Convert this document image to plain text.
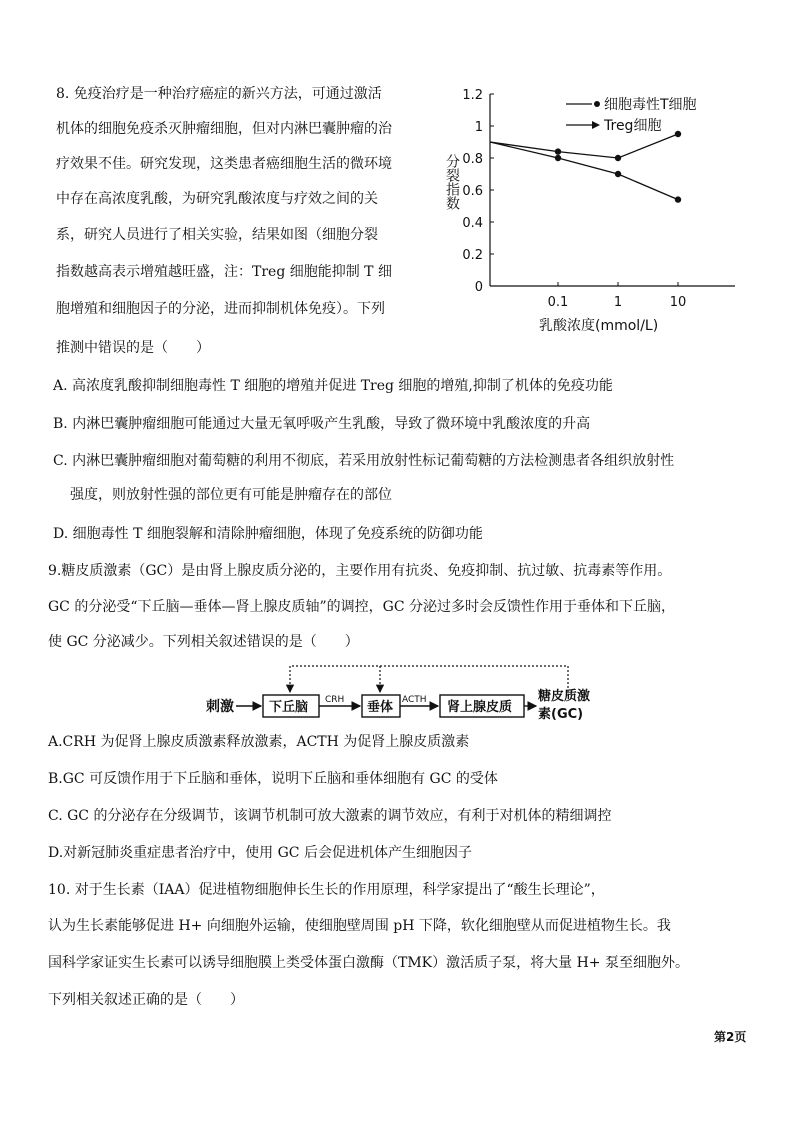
8. 免疫治疗是一种治疗癌症的新兴方法，可通过激活
机体的细胞免疫杀灭肿瘤细胞，但对内淋巴囊肿瘤的治
疗效果不佳。研究发现，这类患者癌细胞生活的微环境
中存在高浓度乳酸，为研究乳酸浓度与疗效之间的关
系，研究人员进行了相关实验，结果如图（细胞分裂
指数越高表示增殖越旺盛，注：Treg 细胞能抑制 T 细
胞增殖和细胞因子的分泌，进而抑制机体免疫）。下列
推测中错误的是（　　）
0
0.2
0.4
0.6
0.8
1
1.2
0.1	1	10
分裂指数
乳酸浓度(mmol/L)
细胞毒性T细胞
Treg细胞
A. 高浓度乳酸抑制细胞毒性 T 细胞的增殖并促进 Treg 细胞的增殖,抑制了机体的免疫功能
B. 内淋巴囊肿瘤细胞可能通过大量无氧呼吸产生乳酸，导致了微环境中乳酸浓度的升高
C. 内淋巴囊肿瘤细胞对葡萄糖的利用不彻底，若采用放射性标记葡萄糖的方法检测患者各组织放射性
强度，则放射性强的部位更有可能是肿瘤存在的部位
D. 细胞毒性 T 细胞裂解和清除肿瘤细胞，体现了免疫系统的防御功能
9.糖皮质激素（GC）是由肾上腺皮质分泌的，主要作用有抗炎、免疫抑制、抗过敏、抗毒素等作用。
GC 的分泌受“下丘脑—垂体—肾上腺皮质轴”的调控，GC 分泌过多时会反馈性作用于垂体和下丘脑，
使 GC 分泌减少。下列相关叙述错误的是（　　）
刺激	下丘脑 CRH 垂体 ACTH 肾上腺皮质
糖皮质激
素(GC)
A.CRH 为促肾上腺皮质激素释放激素，ACTH 为促肾上腺皮质激素
B.GC 可反馈作用于下丘脑和垂体，说明下丘脑和垂体细胞有 GC 的受体
C. GC 的分泌存在分级调节，该调节机制可放大激素的调节效应，有利于对机体的精细调控
D.对新冠肺炎重症患者治疗中，使用 GC 后会促进机体产生细胞因子
10. 对于生长素（IAA）促进植物细胞伸长生长的作用原理，科学家提出了“酸生长理论”，
认为生长素能够促进 H+ 向细胞外运输，使细胞壁周围 pH 下降，软化细胞壁从而促进植物生长。我
国科学家证实生长素可以诱导细胞膜上类受体蛋白激酶（TMK）激活质子泵，将大量 H+ 泵至细胞外。
下列相关叙述正确的是（　　）
第2页
